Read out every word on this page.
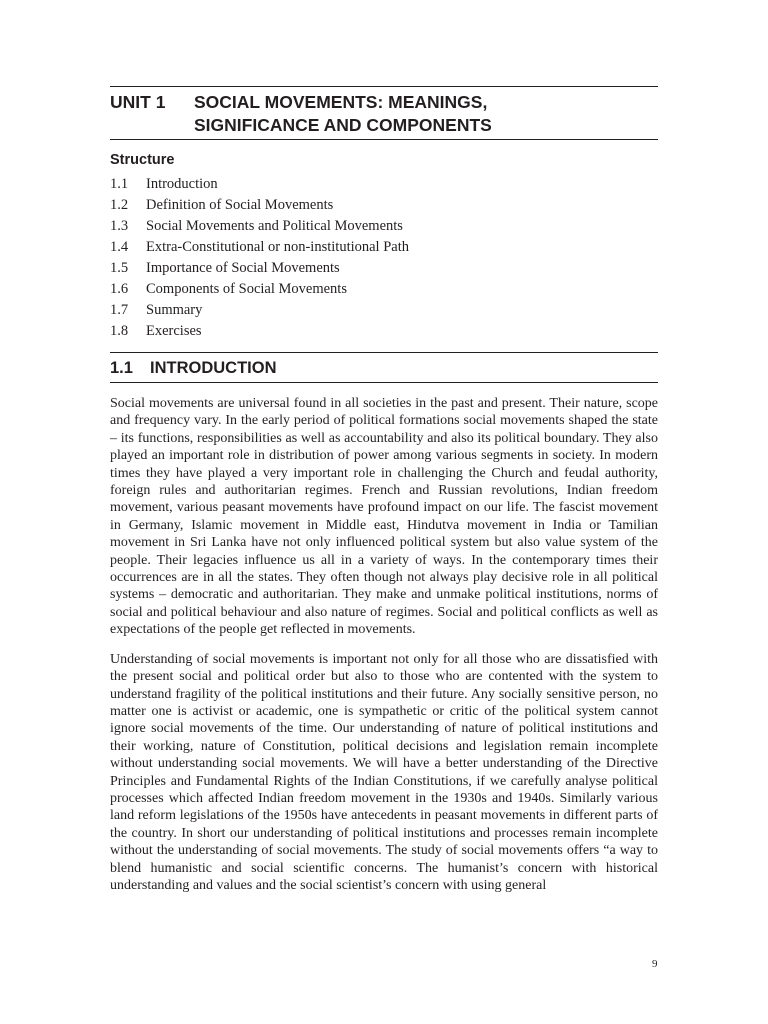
UNIT 1	SOCIAL MOVEMENTS: MEANINGS,
SIGNIFICANCE AND COMPONENTS
Structure
1.1	Introduction
1.2	Definition of Social Movements
1.3	Social Movements and Political Movements
1.4	Extra-Constitutional or non-institutional Path
1.5	Importance of Social Movements
1.6	Components of Social Movements
1.7	Summary
1.8	Exercises
1.1	INTRODUCTION

Social movements are universal found in all societies in the past and present. Their nature, scope and frequency vary. In the early period of political formations social movements shaped the state – its functions, responsibilities as well as accountability and also its political boundary. They also played an important role in distribution of power among various segments in society. In modern times they have played a very important role in challenging the Church and feudal authority, foreign rules and authoritarian regimes. French and Russian revolutions, Indian freedom movement, various peasant movements have profound impact on our life. The fascist movement in Germany, Islamic movement in Middle east, Hindutva movement in India or Tamilian movement in Sri Lanka have not only influenced political system but also value system of the people. Their legacies influence us all in a variety of ways. In the contemporary times their occurrences are in all the states. They often though not always play decisive role in all political systems – democratic and authoritarian. They make and unmake political institutions, norms of social and political behaviour and also nature of regimes. Social and political conflicts as well as expectations of the people get reflected in movements.

Understanding of social movements is important not only for all those who are dissatisfied with the present social and political order but also to those who are contented with the system to understand fragility of the political institutions and their future. Any socially sensitive person, no matter one is activist or academic, one is sympathetic or critic of the political system cannot ignore social movements of the time. Our understanding of nature of political institutions and their working, nature of Constitution, political decisions and legislation remain incomplete without understanding social movements. We will have a better understanding of the Directive Principles and Fundamental Rights of the Indian Constitutions, if we carefully analyse political processes which affected Indian freedom movement in the 1930s and 1940s. Similarly various land reform legislations of the 1950s have antecedents in peasant movements in different parts of the country. In short our understanding of political institutions and processes remain incomplete without the understanding of social movements. The study of social movements offers “a way to blend humanistic and social scientific concerns. The humanist’s concern with historical understanding and values and the social scientist’s concern with using general

9
